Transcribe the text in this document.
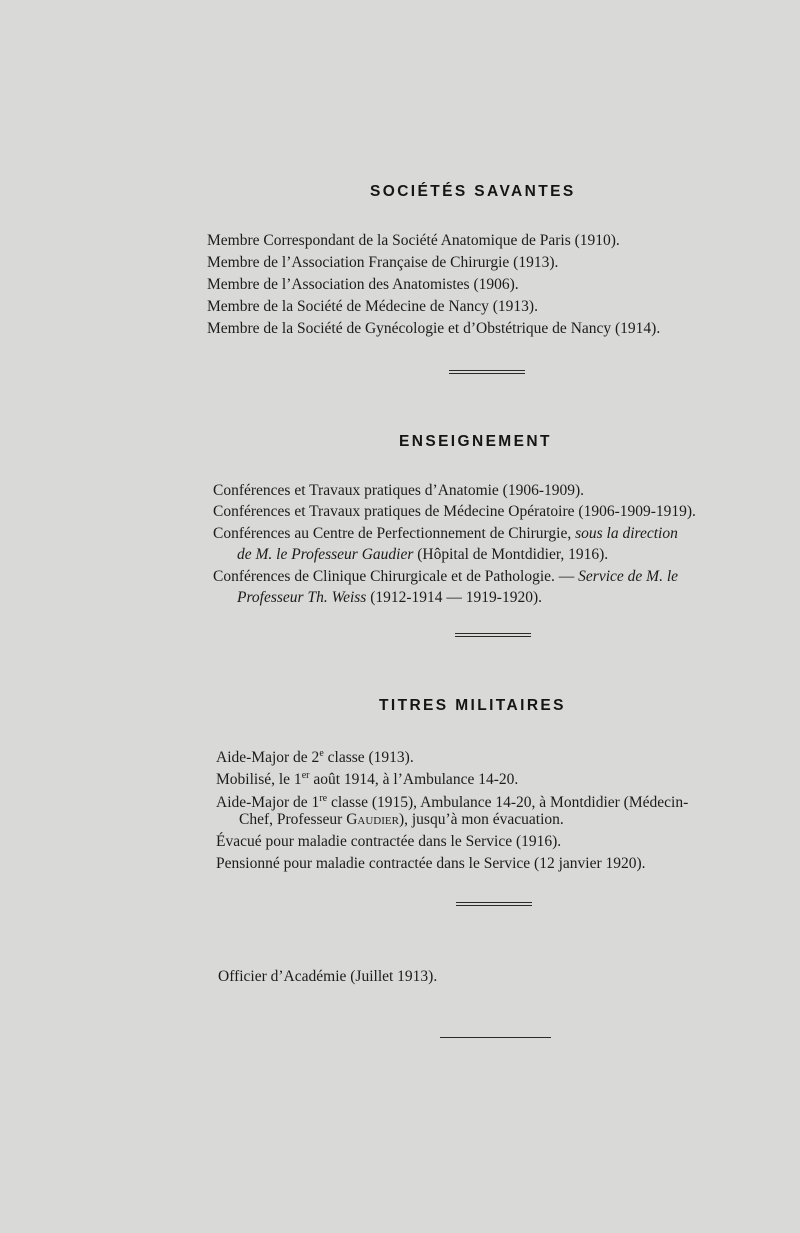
SOCIÉTÉS SAVANTES
Membre Correspondant de la Société Anatomique de Paris (1910).
Membre de l’Association Française de Chirurgie (1913).
Membre de l’Association des Anatomistes (1906).
Membre de la Société de Médecine de Nancy (1913).
Membre de la Société de Gynécologie et d’Obstétrique de Nancy (1914).
ENSEIGNEMENT
Conférences et Travaux pratiques d’Anatomie (1906-1909).
Conférences et Travaux pratiques de Médecine Opératoire (1906-1909-1919).
Conférences au Centre de Perfectionnement de Chirurgie, sous la direction
de M. le Professeur Gaudier (Hôpital de Montdidier, 1916).
Conférences de Clinique Chirurgicale et de Pathologie. — Service de M. le
Professeur Th. Weiss (1912-1914 — 1919-1920).
TITRES MILITAIRES
Aide-Major de 2e classe (1913).
Mobilisé, le 1er août 1914, à l’Ambulance 14-20.
Aide-Major de 1re classe (1915), Ambulance 14-20, à Montdidier (Médecin-
Chef, Professeur Gaudier), jusqu’à mon évacuation.
Évacué pour maladie contractée dans le Service (1916).
Pensionné pour maladie contractée dans le Service (12 janvier 1920).
Officier d’Académie (Juillet 1913).
